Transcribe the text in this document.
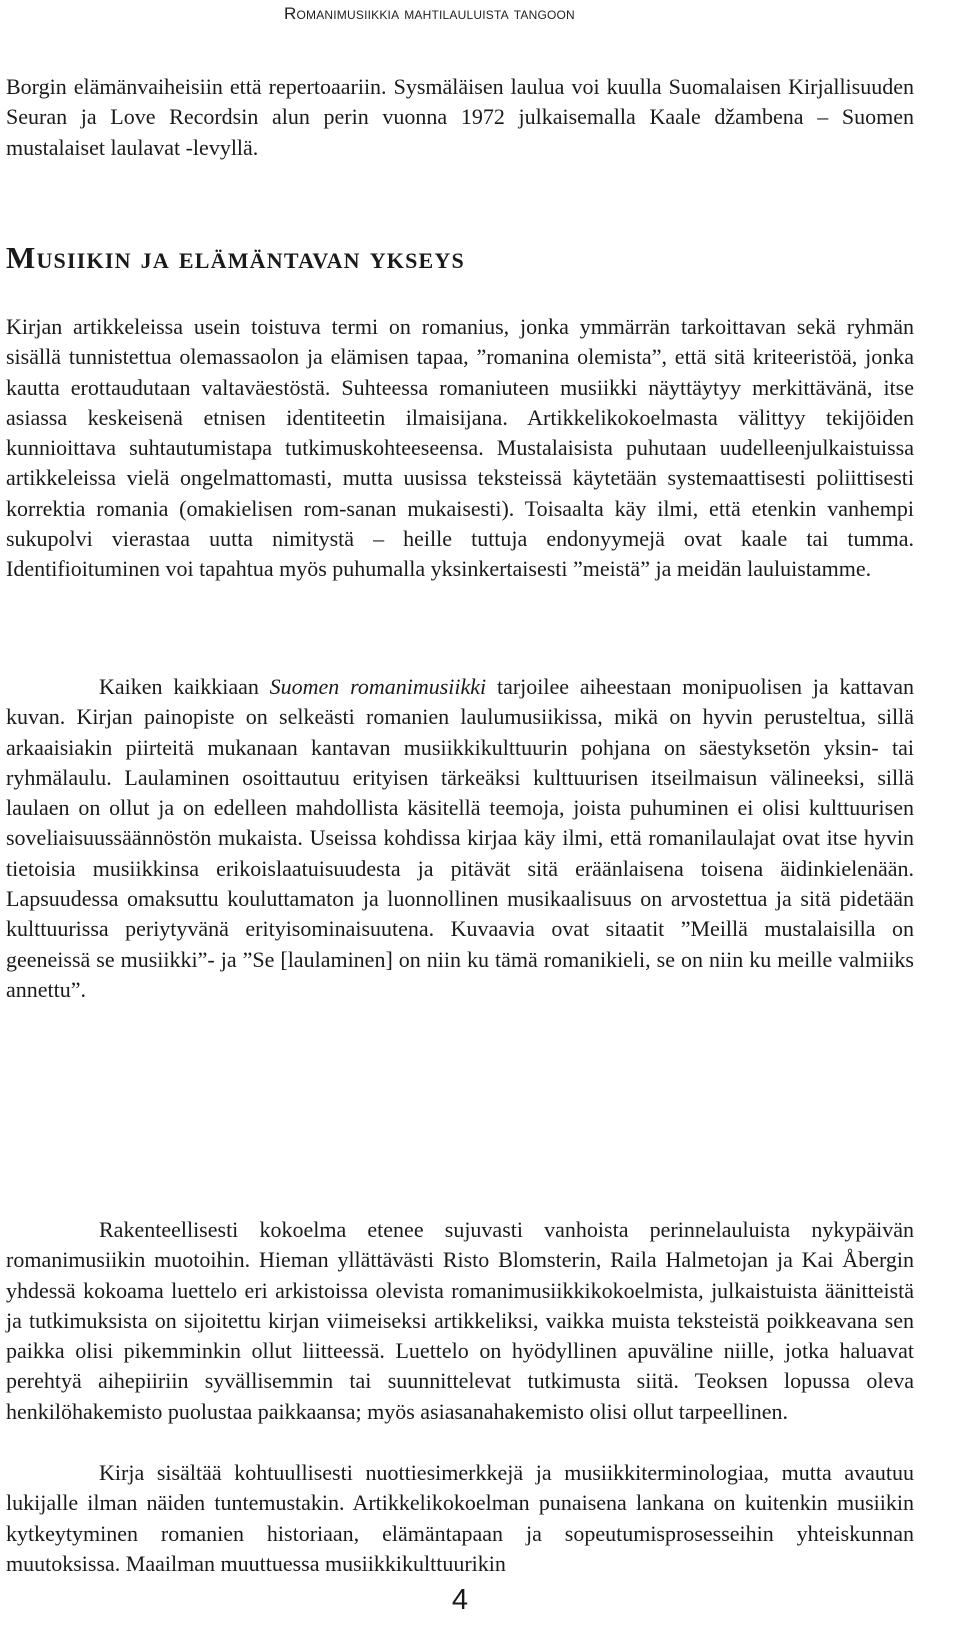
Romanimusiikkia mahtilauluista tangoon

Borgin elämänvaiheisiin että repertoaariin. Sysmäläisen laulua voi kuulla Suomalaisen Kirjallisuuden Seuran ja Love Recordsin alun perin vuonna 1972 julkaisemalla Kaale džambena – Suomen mustalaiset laulavat -levyllä.

Musiikin ja elämäntavan ykseys

Kirjan artikkeleissa usein toistuva termi on romanius, jonka ymmärrän tarkoittavan sekä ryhmän sisällä tunnistettua olemassaolon ja elämisen tapaa, ”romanina olemista”, että sitä kriteeristöä, jonka kautta erottaudutaan valtaväestöstä. Suhteessa romaniuteen musiikki näyttäytyy merkittävänä, itse asiassa keskeisenä etnisen identiteetin ilmaisijana. Artikkelikokoelmasta välittyy tekijöiden kunnioittava suhtautumistapa tutkimuskohteeseensa. Mustalaisista puhutaan uudelleenjulkaistuissa artikkeleissa vielä ongelmattomasti, mutta uusissa teksteissä käytetään systemaattisesti poliittisesti korrektia romania (omakielisen rom-sanan mukaisesti). Toisaalta käy ilmi, että etenkin vanhempi sukupolvi vierastaa uutta nimitystä – heille tuttuja endonyymejä ovat kaale tai tumma. Identifioituminen voi tapahtua myös puhumalla yksinkertaisesti ”meistä” ja meidän lauluistamme.

Kaiken kaikkiaan Suomen romanimusiikki tarjoilee aiheestaan monipuolisen ja kattavan kuvan. Kirjan painopiste on selkeästi romanien laulumusiikissa, mikä on hyvin perusteltua, sillä arkaaisiakin piirteitä mukanaan kantavan musiikkikulttuurin pohjana on säestyksetön yksin- tai ryhmälaulu. Laulaminen osoittautuu erityisen tärkeäksi kulttuurisen itseilmaisun välineeksi, sillä laulaen on ollut ja on edelleen mahdollista käsitellä teemoja, joista puhuminen ei olisi kulttuurisen soveliaisuussäännöstön mukaista. Useissa kohdissa kirjaa käy ilmi, että romanilaulajat ovat itse hyvin tietoisia musiikkinsa erikoislaatuisuudesta ja pitävät sitä eräänlaisena toisena äidinkielenään. Lapsuudessa omaksuttu kouluttamaton ja luonnollinen musikaalisuus on arvostettua ja sitä pidetään kulttuurissa periytyvänä erityisominaisuutena. Kuvaavia ovat sitaatit ”Meillä mustalaisilla on geeneissä se musiikki”- ja ”Se [laulaminen] on niin ku tämä romanikieli, se on niin ku meille valmiiks annettu”.

Rakenteellisesti kokoelma etenee sujuvasti vanhoista perinnelauluista nykypäivän romanimusiikin muotoihin. Hieman yllättävästi Risto Blomsterin, Raila Halmetojan ja Kai Åbergin yhdessä kokoama luettelo eri arkistoissa olevista romanimusiikkikokoelmista, julkaistuista äänitteistä ja tutkimuksista on sijoitettu kirjan viimeiseksi artikkeliksi, vaikka muista teksteistä poikkeavana sen paikka olisi pikemminkin ollut liitteessä. Luettelo on hyödyllinen apuväline niille, jotka haluavat perehtyä aihepiiriin syvällisemmin tai suunnittelevat tutkimusta siitä. Teoksen lopussa oleva henkilöhakemisto puolustaa paikkaansa; myös asiasanahakemisto olisi ollut tarpeellinen.

Kirja sisältää kohtuullisesti nuottiesimerkkejä ja musiikkiterminologiaa, mutta avautuu lukijalle ilman näiden tuntemustakin. Artikkelikokoelman punaisena lankana on kuitenkin musiikin kytkeytyminen romanien historiaan, elämäntapaan ja sopeutumisprosesseihin yhteiskunnan muutoksissa. Maailman muuttuessa musiikkikulttuurikin

4
